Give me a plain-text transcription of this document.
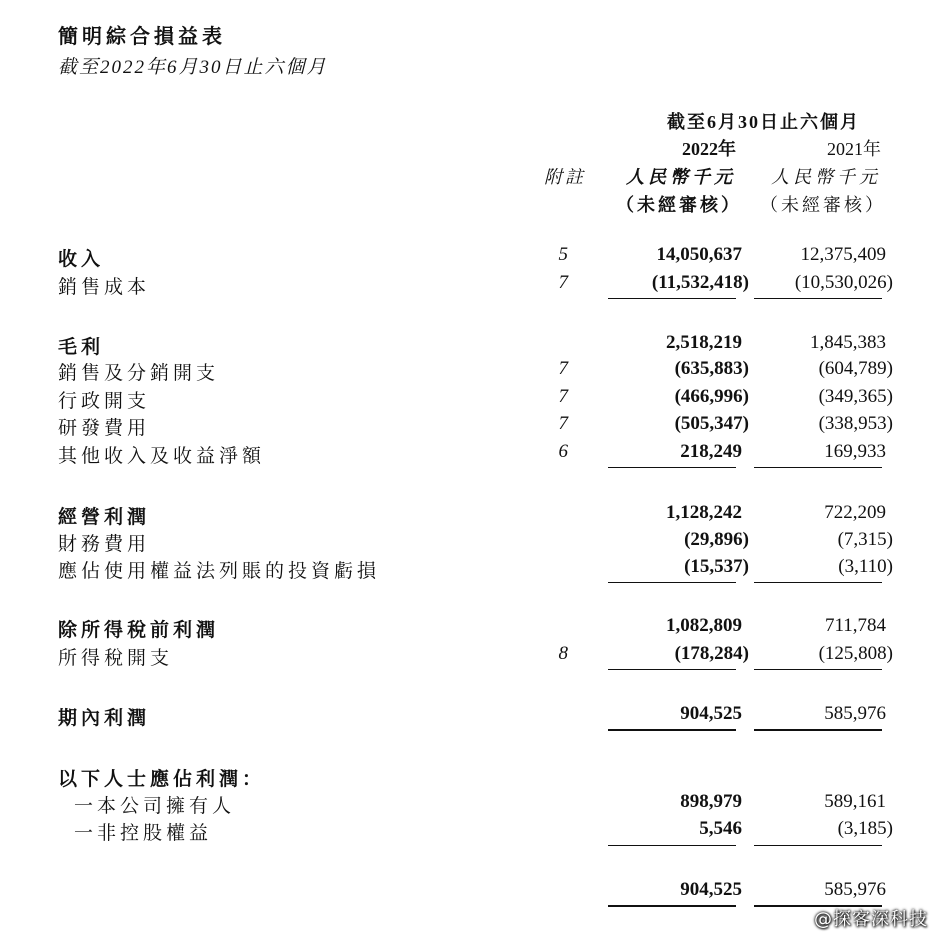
簡明綜合損益表
截至2022年6月30日止六個月
截至6月30日止六個月
2022年	2021年
附註 人民幣千元 人民幣千元
（未經審核） （未經審核）
收入	5	14,050,637	12,375,409
銷售成本	7	(11,532,418) (10,530,026)
毛利	2,518,219	1,845,383
銷售及分銷開支	7	(635,883)	(604,789)
行政開支	7	(466,996)	(349,365)
研發費用	7	(505,347)	(338,953)
其他收入及收益淨額	6	218,249	169,933
經營利潤	1,128,242	722,209
財務費用	(29,896)	(7,315)
應佔使用權益法列賬的投資虧損	(15,537)	(3,110)
除所得稅前利潤	1,082,809	711,784
所得稅開支	8	(178,284)	(125,808)
期內利潤	904,525	585,976
以下人士應佔利潤：
一本公司擁有人	898,979	589,161
一非控股權益	5,546	(3,185)
904,525	585,976
@探客深科技
